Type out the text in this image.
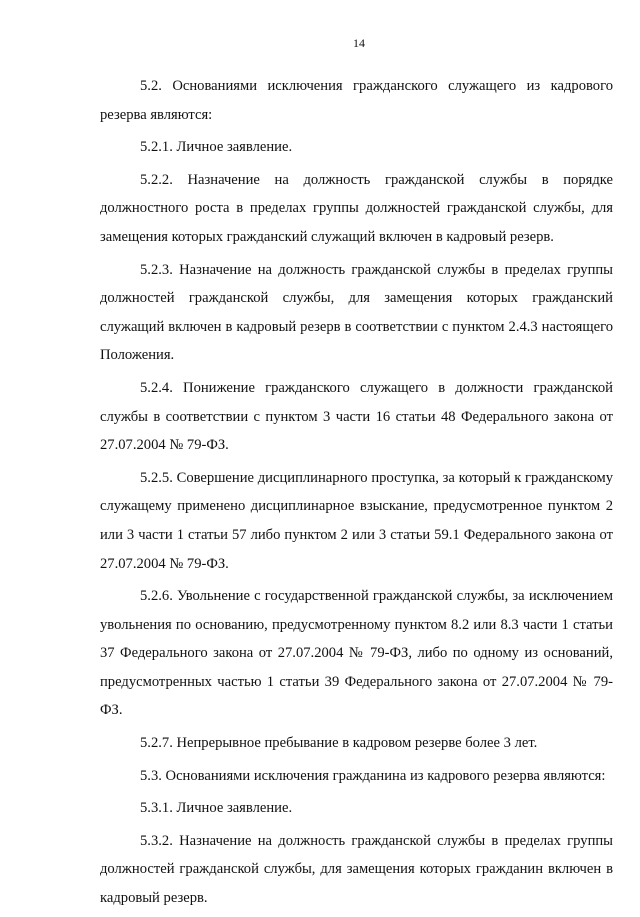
14

5.2. Основаниями исключения гражданского служащего из кадрового резерва являются:

5.2.1. Личное заявление.

5.2.2. Назначение на должность гражданской службы в порядке должностного роста в пределах группы должностей гражданской службы, для замещения которых гражданский служащий включен в кадровый резерв.

5.2.3. Назначение на должность гражданской службы в пределах группы должностей гражданской службы, для замещения которых гражданский служащий включен в кадровый резерв в соответствии с пунктом 2.4.3 настоящего Положения.

5.2.4. Понижение гражданского служащего в должности гражданской службы в соответствии с пунктом 3 части 16 статьи 48 Федерального закона от 27.07.2004 № 79-ФЗ.

5.2.5. Совершение дисциплинарного проступка, за который к гражданскому служащему применено дисциплинарное взыскание, предусмотренное пунктом 2 или 3 части 1 статьи 57 либо пунктом 2 или 3 статьи 59.1 Федерального закона от 27.07.2004 № 79-ФЗ.

5.2.6. Увольнение с государственной гражданской службы, за исключением увольнения по основанию, предусмотренному пунктом 8.2 или 8.3 части 1 статьи 37 Федерального закона от 27.07.2004 № 79-ФЗ, либо по одному из оснований, предусмотренных частью 1 статьи 39 Федерального закона от 27.07.2004 № 79-ФЗ.

5.2.7. Непрерывное пребывание в кадровом резерве более 3 лет.

5.3. Основаниями исключения гражданина из кадрового резерва являются:

5.3.1. Личное заявление.

5.3.2. Назначение на должность гражданской службы в пределах группы должностей гражданской службы, для замещения которых гражданин включен в кадровый резерв.
